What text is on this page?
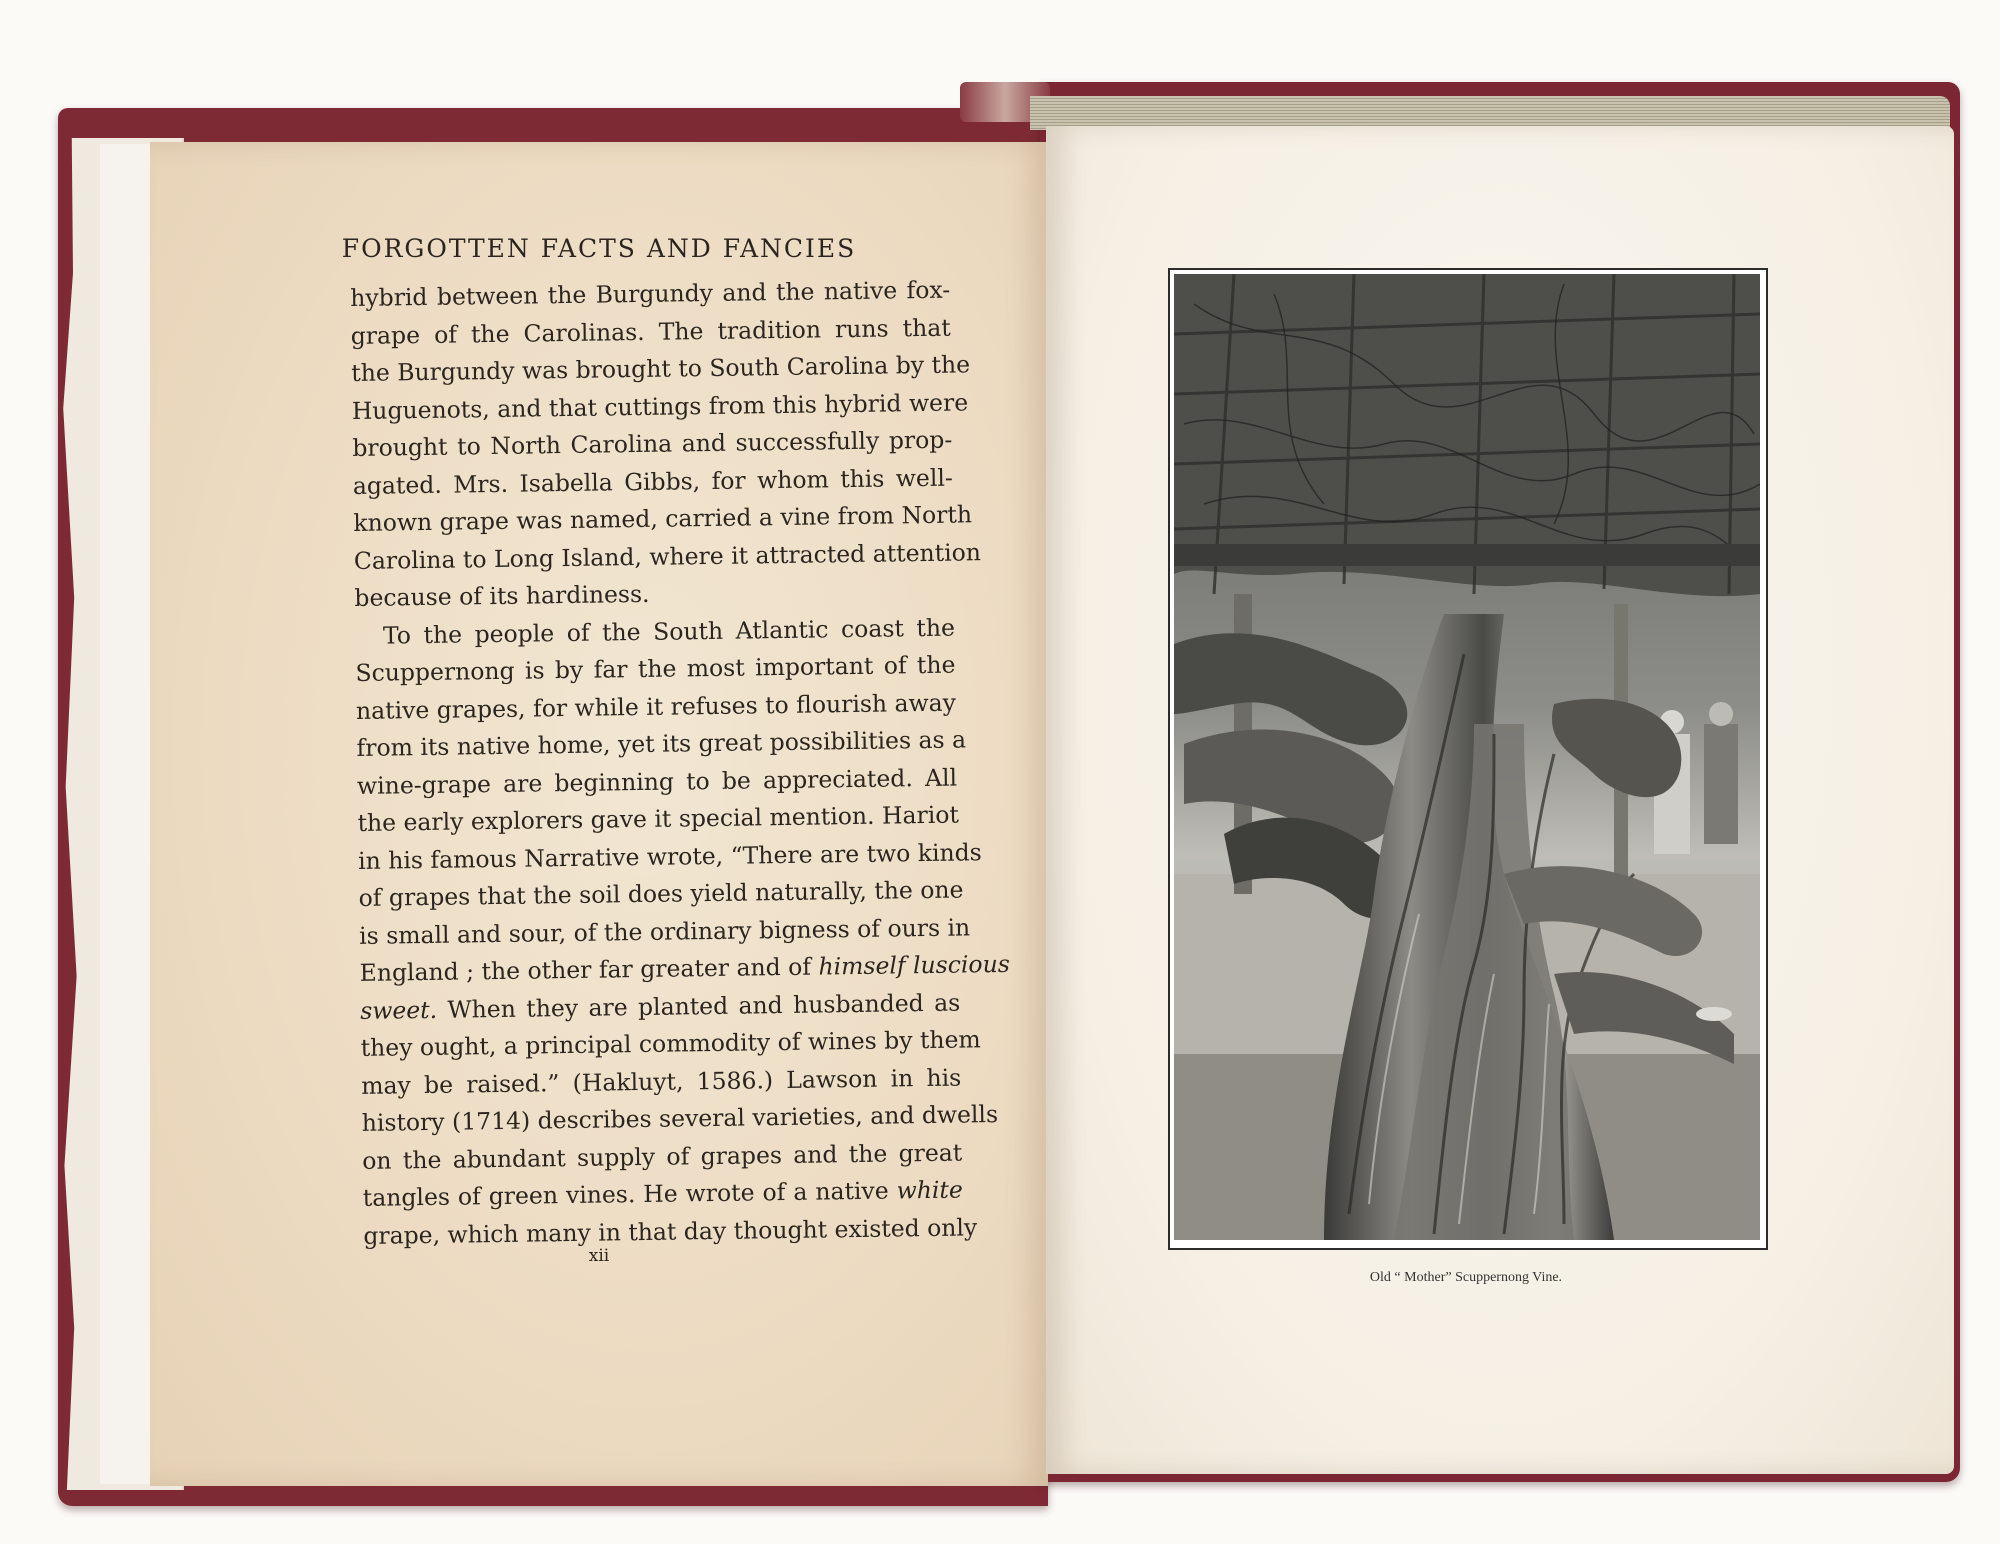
FORGOTTEN FACTS AND FANCIES
hybrid between the Burgundy and the native fox-
grape of the Carolinas. The tradition runs that
the Burgundy was brought to South Carolina by the
Huguenots, and that cuttings from this hybrid were
brought to North Carolina and successfully prop-
agated. Mrs. Isabella Gibbs, for whom this well-
known grape was named, carried a vine from North
Carolina to Long Island, where it attracted attention
because of its hardiness.
To the people of the South Atlantic coast the
Scuppernong is by far the most important of the
native grapes, for while it refuses to flourish away
from its native home, yet its great possibilities as a
wine-grape are beginning to be appreciated. All
the early explorers gave it special mention. Hariot
in his famous Narrative wrote, “There are two kinds
of grapes that the soil does yield naturally, the one
is small and sour, of the ordinary bigness of ours in
England ; the other far greater and of himself luscious
sweet. When they are planted and husbanded as
they ought, a principal commodity of wines by them
may be raised.” (Hakluyt, 1586.) Lawson in his
history (1714) describes several varieties, and dwells
on the abundant supply of grapes and the great
tangles of green vines. He wrote of a native white
grape, which many in that day thought existed only
xii
Old “ Mother” Scuppernong Vine.
